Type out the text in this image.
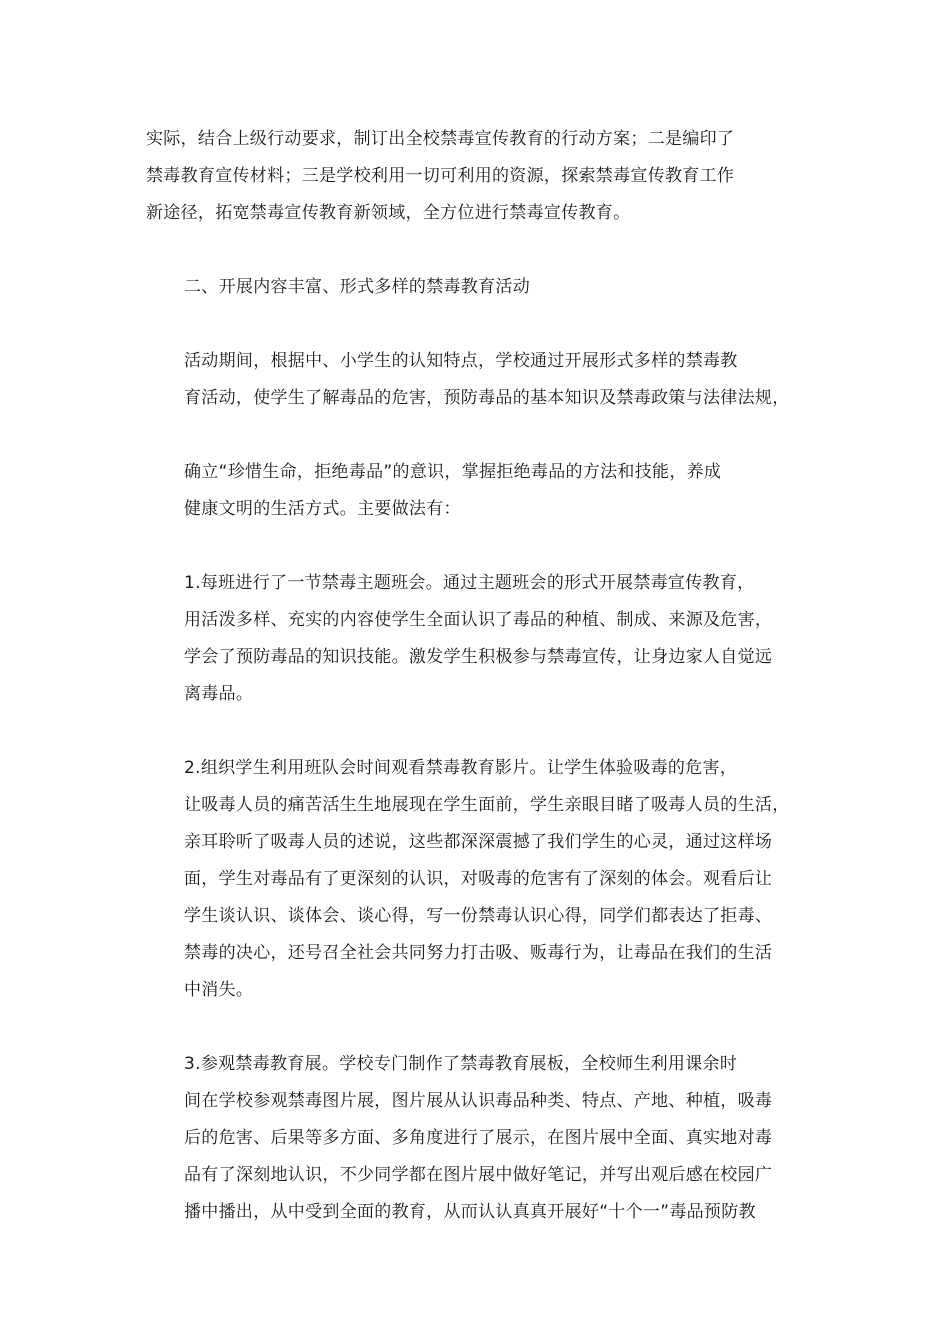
实际，结合上级行动要求，制订出全校禁毒宣传教育的行动方案；二是编印了
禁毒教育宣传材料；三是学校利用一切可利用的资源，探索禁毒宣传教育工作
新途径，拓宽禁毒宣传教育新领域，全方位进行禁毒宣传教育。

二、开展内容丰富、形式多样的禁毒教育活动

活动期间，根据中、小学生的认知特点，学校通过开展形式多样的禁毒教
育活动，使学生了解毒品的危害，预防毒品的基本知识及禁毒政策与法律法规，

确立“珍惜生命，拒绝毒品”的意识，掌握拒绝毒品的方法和技能，养成
健康文明的生活方式。主要做法有：

1.每班进行了一节禁毒主题班会。通过主题班会的形式开展禁毒宣传教育，
用活泼多样、充实的内容使学生全面认识了毒品的种植、制成、来源及危害，
学会了预防毒品的知识技能。激发学生积极参与禁毒宣传，让身边家人自觉远
离毒品。

2.组织学生利用班队会时间观看禁毒教育影片。让学生体验吸毒的危害，
让吸毒人员的痛苦活生生地展现在学生面前，学生亲眼目睹了吸毒人员的生活，
亲耳聆听了吸毒人员的述说，这些都深深震撼了我们学生的心灵，通过这样场
面，学生对毒品有了更深刻的认识，对吸毒的危害有了深刻的体会。观看后让
学生谈认识、谈体会、谈心得，写一份禁毒认识心得，同学们都表达了拒毒、
禁毒的决心，还号召全社会共同努力打击吸、贩毒行为，让毒品在我们的生活
中消失。

3.参观禁毒教育展。学校专门制作了禁毒教育展板，全校师生利用课余时
间在学校参观禁毒图片展，图片展从认识毒品种类、特点、产地、种植，吸毒
后的危害、后果等多方面、多角度进行了展示，在图片展中全面、真实地对毒
品有了深刻地认识，不少同学都在图片展中做好笔记，并写出观后感在校园广
播中播出，从中受到全面的教育，从而认认真真开展好“十个一”毒品预防教
